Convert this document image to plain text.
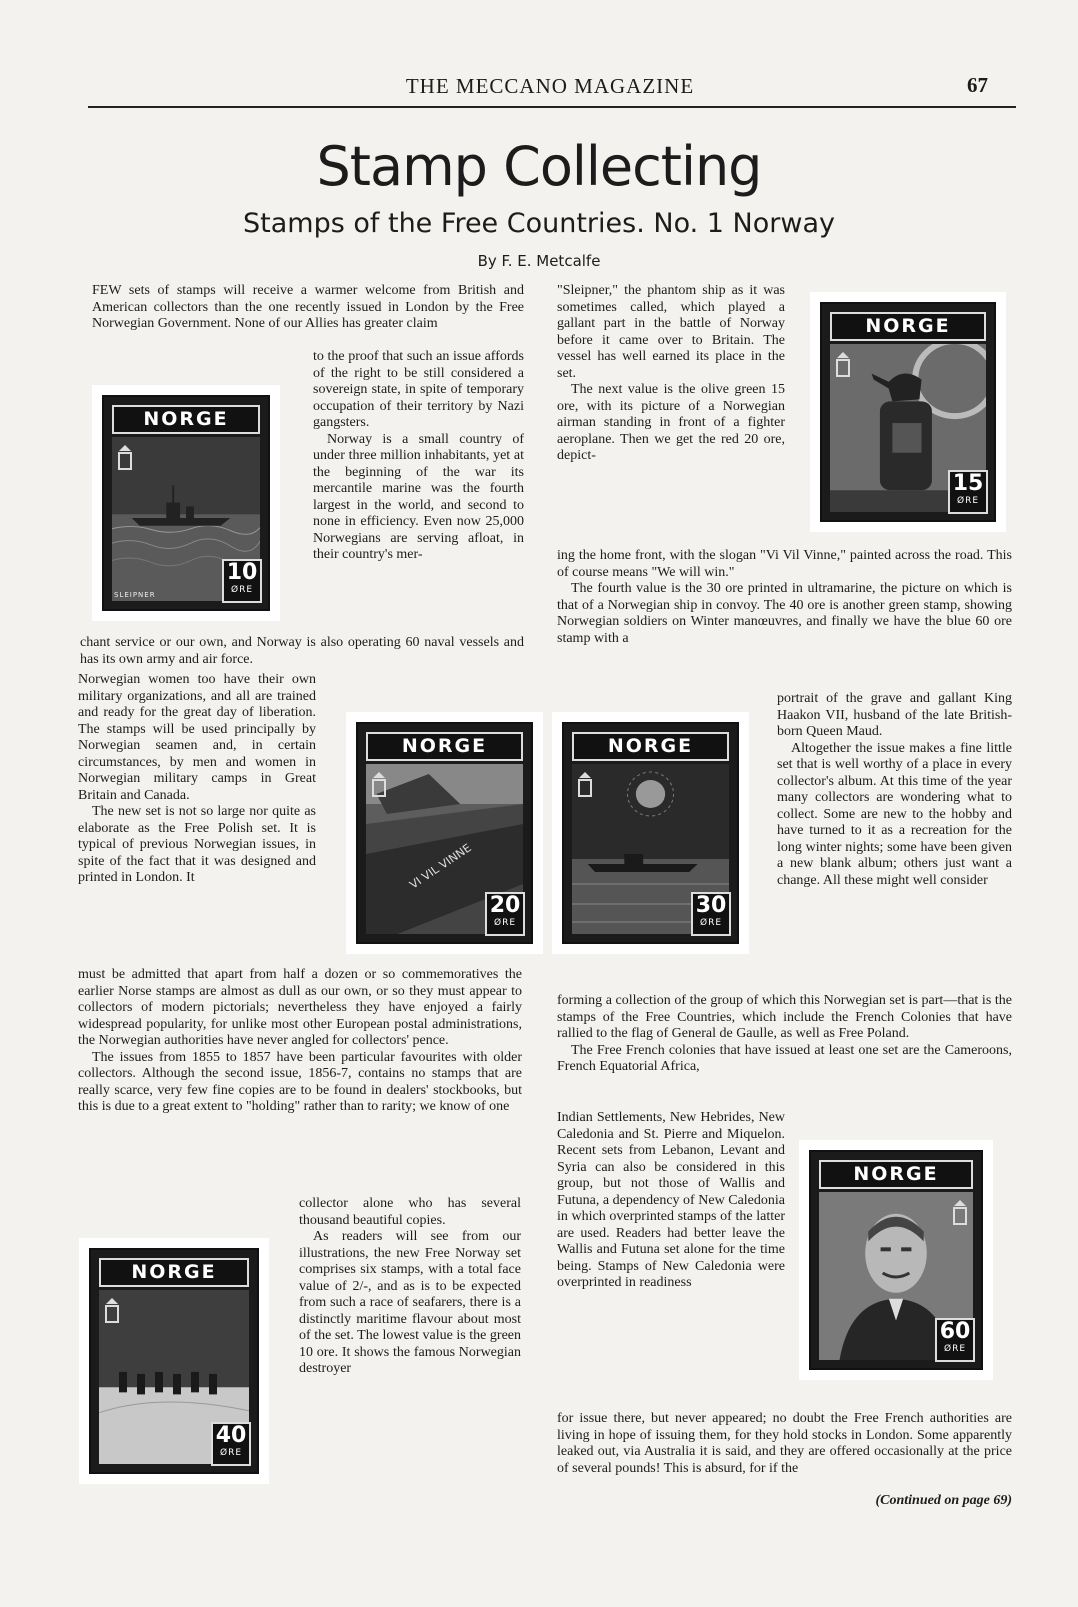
THE MECCANO MAGAZINE	67
Stamp Collecting
Stamps of the Free Countries. No. 1 Norway
By F. E. Metcalfe

FEW sets of stamps will receive a warmer welcome from British and American collectors than the one recently issued in London by the Free Norwegian Government. None of our Allies has greater claim

to the proof that such an issue affords of the right to be still considered a sovereign state, in spite of temporary occupation of their territory by Nazi gangsters.

Norway is a small country of under three million inhabitants, yet at the beginning of the war its mercantile marine was the fourth largest in the world, and second to none in efficiency. Even now 25,000 Norwegians are serving afloat, in their country's mer-

chant service or our own, and Norway is also operating 60 naval vessels and has its own army and air force.

Norwegian women too have their own military organizations, and all are trained and ready for the great day of liberation. The stamps will be used principally by Norwegian seamen and, in certain circumstances, by men and women in Norwegian military camps in Great Britain and Canada.

The new set is not so large nor quite as elaborate as the Free Polish set. It is typical of previous Norwegian issues, in spite of the fact that it was designed and printed in London. It

must be admitted that apart from half a dozen or so commemoratives the earlier Norse stamps are almost as dull as our own, or so they must appear to collectors of modern pictorials; nevertheless they have enjoyed a fairly widespread popularity, for unlike most other European postal administrations, the Norwegian authorities have never angled for collectors' pence.

The issues from 1855 to 1857 have been particular favourites with older collectors. Although the second issue, 1856-7, contains no stamps that are really scarce, very few fine copies are to be found in dealers' stockbooks, but this is due to a great extent to "holding" rather than to rarity; we know of one

collector alone who has several thousand beautiful copies.

As readers will see from our illustrations, the new Free Norway set comprises six stamps, with a total face value of 2/-, and as is to be expected from such a race of seafarers, there is a distinctly maritime flavour about most of the set. The lowest value is the green 10 ore. It shows the famous Norwegian destroyer

"Sleipner," the phantom ship as it was sometimes called, which played a gallant part in the battle of Norway before it came over to Britain. The vessel has well earned its place in the set.

The next value is the olive green 15 ore, with its picture of a Norwegian airman standing in front of a fighter aeroplane. Then we get the red 20 ore, depict-

ing the home front, with the slogan "Vi Vil Vinne," painted across the road. This of course means "We will win."

The fourth value is the 30 ore printed in ultramarine, the picture on which is that of a Norwegian ship in convoy. The 40 ore is another green stamp, showing Norwegian soldiers on Winter manœuvres, and finally we have the blue 60 ore stamp with a

portrait of the grave and gallant King Haakon VII, husband of the late British-born Queen Maud.

Altogether the issue makes a fine little set that is well worthy of a place in every collector's album. At this time of the year many collectors are wondering what to collect. Some are new to the hobby and have turned to it as a recreation for the long winter nights; some have been given a new blank album; others just want a change. All these might well consider

forming a collection of the group of which this Norwegian set is part—that is the stamps of the Free Countries, which include the French Colonies that have rallied to the flag of General de Gaulle, as well as Free Poland.

The Free French colonies that have issued at least one set are the Cameroons, French Equatorial Africa,

Indian Settlements, New Hebrides, New Caledonia and St. Pierre and Miquelon. Recent sets from Lebanon, Levant and Syria can also be considered in this group, but not those of Wallis and Futuna, a dependency of New Caledonia in which overprinted stamps of the latter are used. Readers had better leave the Wallis and Futuna set alone for the time being. Stamps of New Caledonia were overprinted in readiness

for issue there, but never appeared; no doubt the Free French authorities are living in hope of issuing them, for they hold stocks in London. Some apparently leaked out, via Australia it is said, and they are offered occasionally at the price of several pounds! This is absurd, for if the

(Continued on page 69)
NORGE
SLEIPNER
10
ØRE
NORGE
15
ØRE
VI VIL VINNE
NORGE
20
ØRE
NORGE
30
ØRE
NORGE
40
ØRE
NORGE
60
ØRE
